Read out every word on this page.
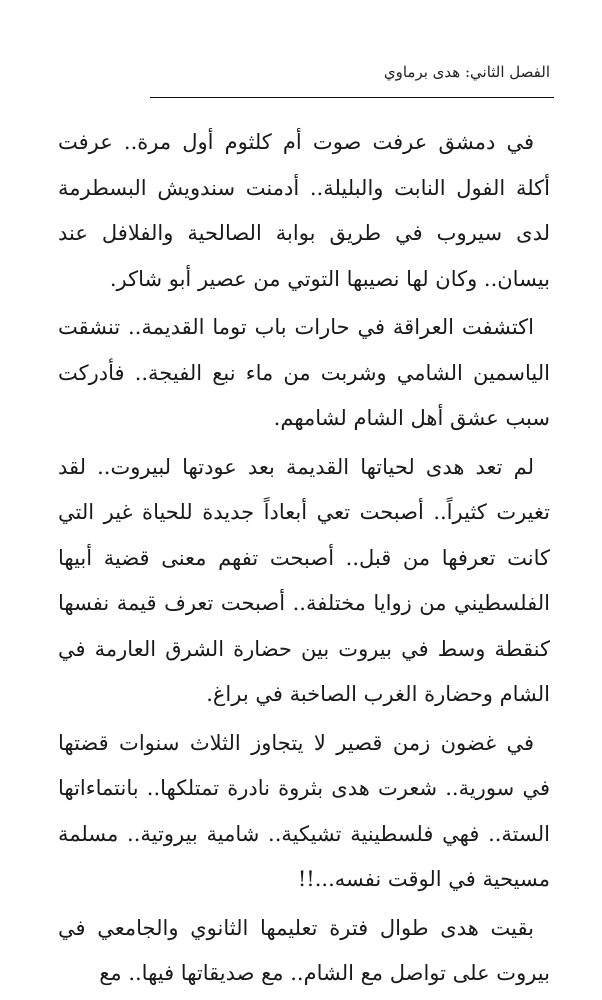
الفصل الثاني: هدى برماوي

في دمشق عرفت صوت أم كلثوم أول مرة.. عرفت أكلة الفول النابت والبليلة.. أدمنت سندويش البسطرمة لدى سيروب في طريق بوابة الصالحية والفلافل عند بيسان.. وكان لها نصيبها التوتي من عصير أبو شاكر.

اكتشفت العراقة في حارات باب توما القديمة.. تنشقت الياسمين الشامي وشربت من ماء نبع الفيجة.. فأدركت سبب عشق أهل الشام لشامهم.

لم تعد هدى لحياتها القديمة بعد عودتها لبيروت.. لقد تغيرت كثيراً.. أصبحت تعي أبعاداً جديدة للحياة غير التي كانت تعرفها من قبل.. أصبحت تفهم معنى قضية أبيها الفلسطيني من زوايا مختلفة.. أصبحت تعرف قيمة نفسها كنقطة وسط في بيروت بين حضارة الشرق العارمة في الشام وحضارة الغرب الصاخبة في براغ.

في غضون زمن قصير لا يتجاوز الثلاث سنوات قضتها في سورية.. شعرت هدى بثروة نادرة تمتلكها.. بانتماءاتها الستة.. فهي فلسطينية تشيكية.. شامية بيروتية.. مسلمة مسيحية في الوقت نفسه...!!

بقيت هدى طوال فترة تعليمها الثانوي والجامعي في بيروت على تواصل مع الشام.. مع صديقاتها فيها.. مع
